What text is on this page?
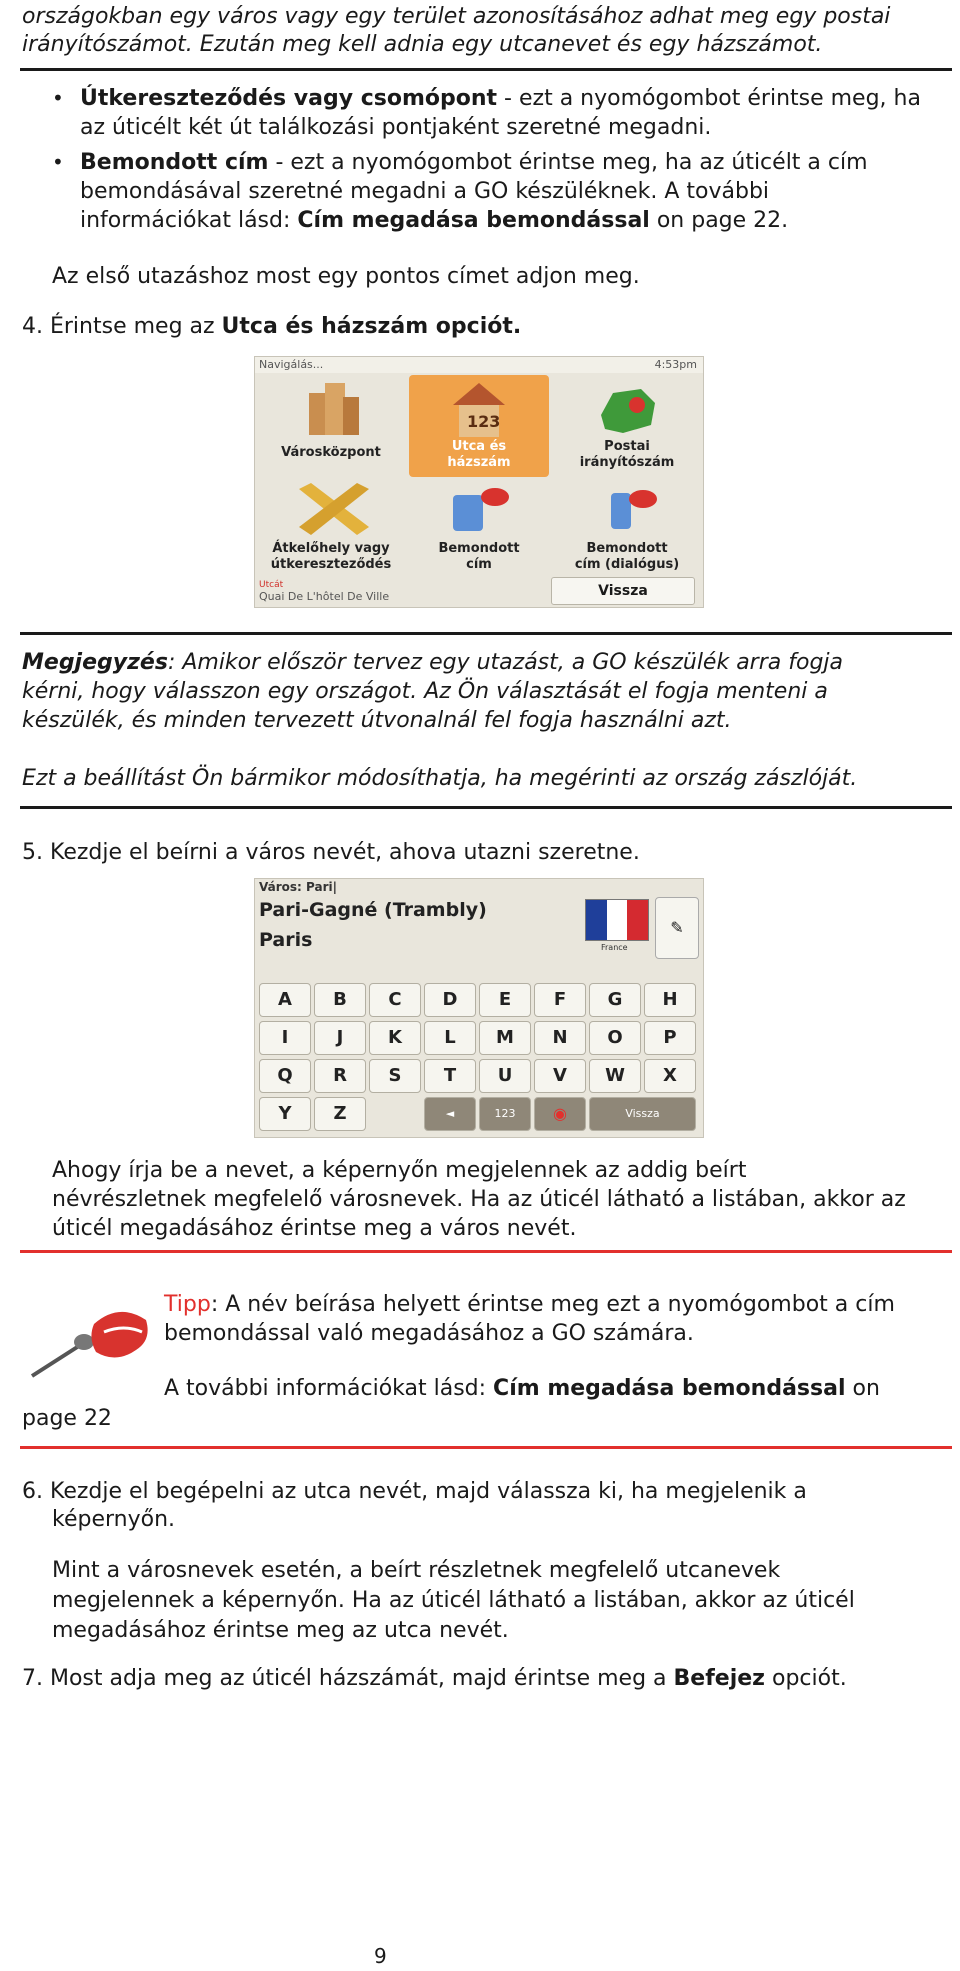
országokban egy város vagy egy terület azonosításához adhat meg egy postai

irányítószámot. Ezután meg kell adnia egy utcanevet és egy házszámot.

• Útkereszteződés vagy csomópont - ezt a nyomógombot érintse meg, ha
az úticélt két út találkozási pontjaként szeretné megadni.
• Bemondott cím - ezt a nyomógombot érintse meg, ha az úticélt a cím
bemondásával szeretné megadni a GO készüléknek. A további
információkat lásd: Cím megadása bemondással on page 22.

Az első utazáshoz most egy pontos címet adjon meg.

4. Érintse meg az Utca és házszám opciót.

Navigálás...	4:53pm
Városközpont
123
Utca és
házszám
Postai
irányítószám
Átkelőhely vagy
útkereszteződés
Bemondott
cím
Bemondott
cím (dialógus)
Utcát
Quai De L'hôtel De Ville	Vissza
Megjegyzés: Amikor először tervez egy utazást, a GO készülék arra fogja
kérni, hogy válasszon egy országot. Az Ön választását el fogja menteni a
készülék, és minden tervezett útvonalnál fel fogja használni azt.

Ezt a beállítást Ön bármikor módosíthatja, ha megérinti az ország zászlóját.

5. Kezdje el beírni a város nevét, ahova utazni szeretne.

Város: Pari|
Pari-Gagné (Trambly)
Paris	France
✎
A	B	C	D	E	F	G	H
I	J	K	L	M	N	O	P
Q	R	S	T	U	V	W	X
Y	Z	◄	123	◉	Vissza
Ahogy írja be a nevet, a képernyőn megjelennek az addig beírt
névrészletnek megfelelő városnevek. Ha az úticél látható a listában, akkor az
úticél megadásához érintse meg a város nevét.
Tipp: A név beírása helyett érintse meg ezt a nyomógombot a cím
bemondással való megadásához a GO számára.

A további információkat lásd: Cím megadása bemondással on

page 22

6. Kezdje el begépelni az utca nevét, majd válassza ki, ha megjelenik a
képernyőn.
Mint a városnevek esetén, a beírt részletnek megfelelő utcanevek
megjelennek a képernyőn. Ha az úticél látható a listában, akkor az úticél
megadásához érintse meg az utca nevét.

7. Most adja meg az úticél házszámát, majd érintse meg a Befejez opciót.

9
